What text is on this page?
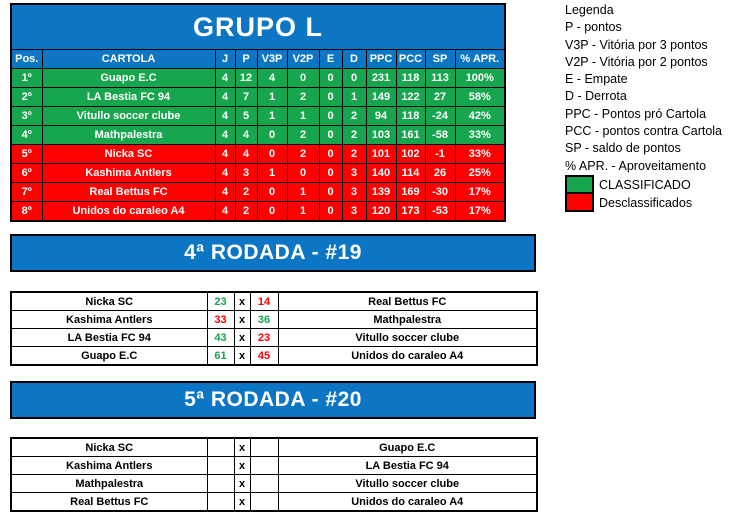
GRUPO L											
Pos.	CARTOLA	J	P	V3P	V2P	E	D	PPC	PCC	SP	% APR.
1º	Guapo E.C	4	12	4	0	0	0	231	118	113	100%
2º	LA Bestia FC 94	4	7	1	2	0	1	149	122	27	58%
3º	Vitullo soccer clube	4	5	1	1	0	2	94	118	-24	42%
4º	Mathpalestra	4	4	0	2	0	2	103	161	-58	33%
5º	Nicka SC	4	4	0	2	0	2	101	102	-1	33%
6º	Kashima Antlers	4	3	1	0	0	3	140	114	26	25%
7º	Real Bettus FC	4	2	0	1	0	3	139	169	-30	17%
8º	Unidos do caraleo A4	4	2	0	1	0	3	120	173	-53	17%
Legenda
P - pontos
V3P - Vitória por 3 pontos
V2P - Vitória por 2 pontos
E - Empate
D - Derrota
PPC - Pontos pró Cartola
PCC - pontos contra Cartola
SP - saldo de pontos
% APR. - Aproveitamento
CLASSIFICADO
Desclassificados
4ª RODADA - #19
Nicka SC	23	x	14	Real Bettus FC
Kashima Antlers	33	x	36	Mathpalestra
LA Bestia FC 94	43	x	23	Vitullo soccer clube
Guapo E.C	61	x	45	Unidos do caraleo A4
5ª RODADA - #20
Nicka SC		x		Guapo E.C
Kashima Antlers		x		LA Bestia FC 94
Mathpalestra		x		Vitullo soccer clube
Real Bettus FC		x		Unidos do caraleo A4
